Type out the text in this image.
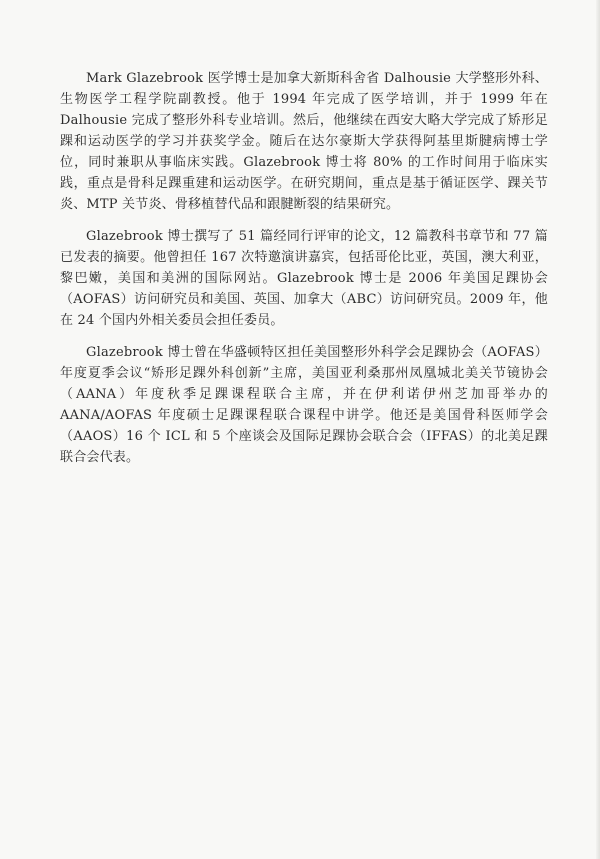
Mark Glazebrook 医学博士是加拿大新斯科舍省 Dalhousie 大学整形外科、生物医学工程学院副教授。他于 1994 年完成了医学培训，并于 1999 年在 Dalhousie 完成了整形外科专业培训。然后，他继续在西安大略大学完成了矫形足踝和运动医学的学习并获奖学金。随后在达尔豪斯大学获得阿基里斯腱病博士学位，同时兼职从事临床实践。Glazebrook 博士将 80% 的工作时间用于临床实践，重点是骨科足踝重建和运动医学。在研究期间，重点是基于循证医学、踝关节炎、MTP 关节炎、骨移植替代品和跟腱断裂的结果研究。

Glazebrook 博士撰写了 51 篇经同行评审的论文，12 篇教科书章节和 77 篇已发表的摘要。他曾担任 167 次特邀演讲嘉宾，包括哥伦比亚，英国，澳大利亚，黎巴嫩，美国和美洲的国际网站。Glazebrook 博士是 2006 年美国足踝协会（AOFAS）访问研究员和美国、英国、加拿大（ABC）访问研究员。2009 年，他在 24 个国内外相关委员会担任委员。

Glazebrook 博士曾在华盛顿特区担任美国整形外科学会足踝协会（AOFAS）年度夏季会议“矫形足踝外科创新”主席，美国亚利桑那州凤凰城北美关节镜协会（AANA）年度秋季足踝课程联合主席，并在伊利诺伊州芝加哥举办的 AANA/AOFAS 年度硕士足踝课程联合课程中讲学。他还是美国骨科医师学会（AAOS）16 个 ICL 和 5 个座谈会及国际足踝协会联合会（IFFAS）的北美足踝联合会代表。
